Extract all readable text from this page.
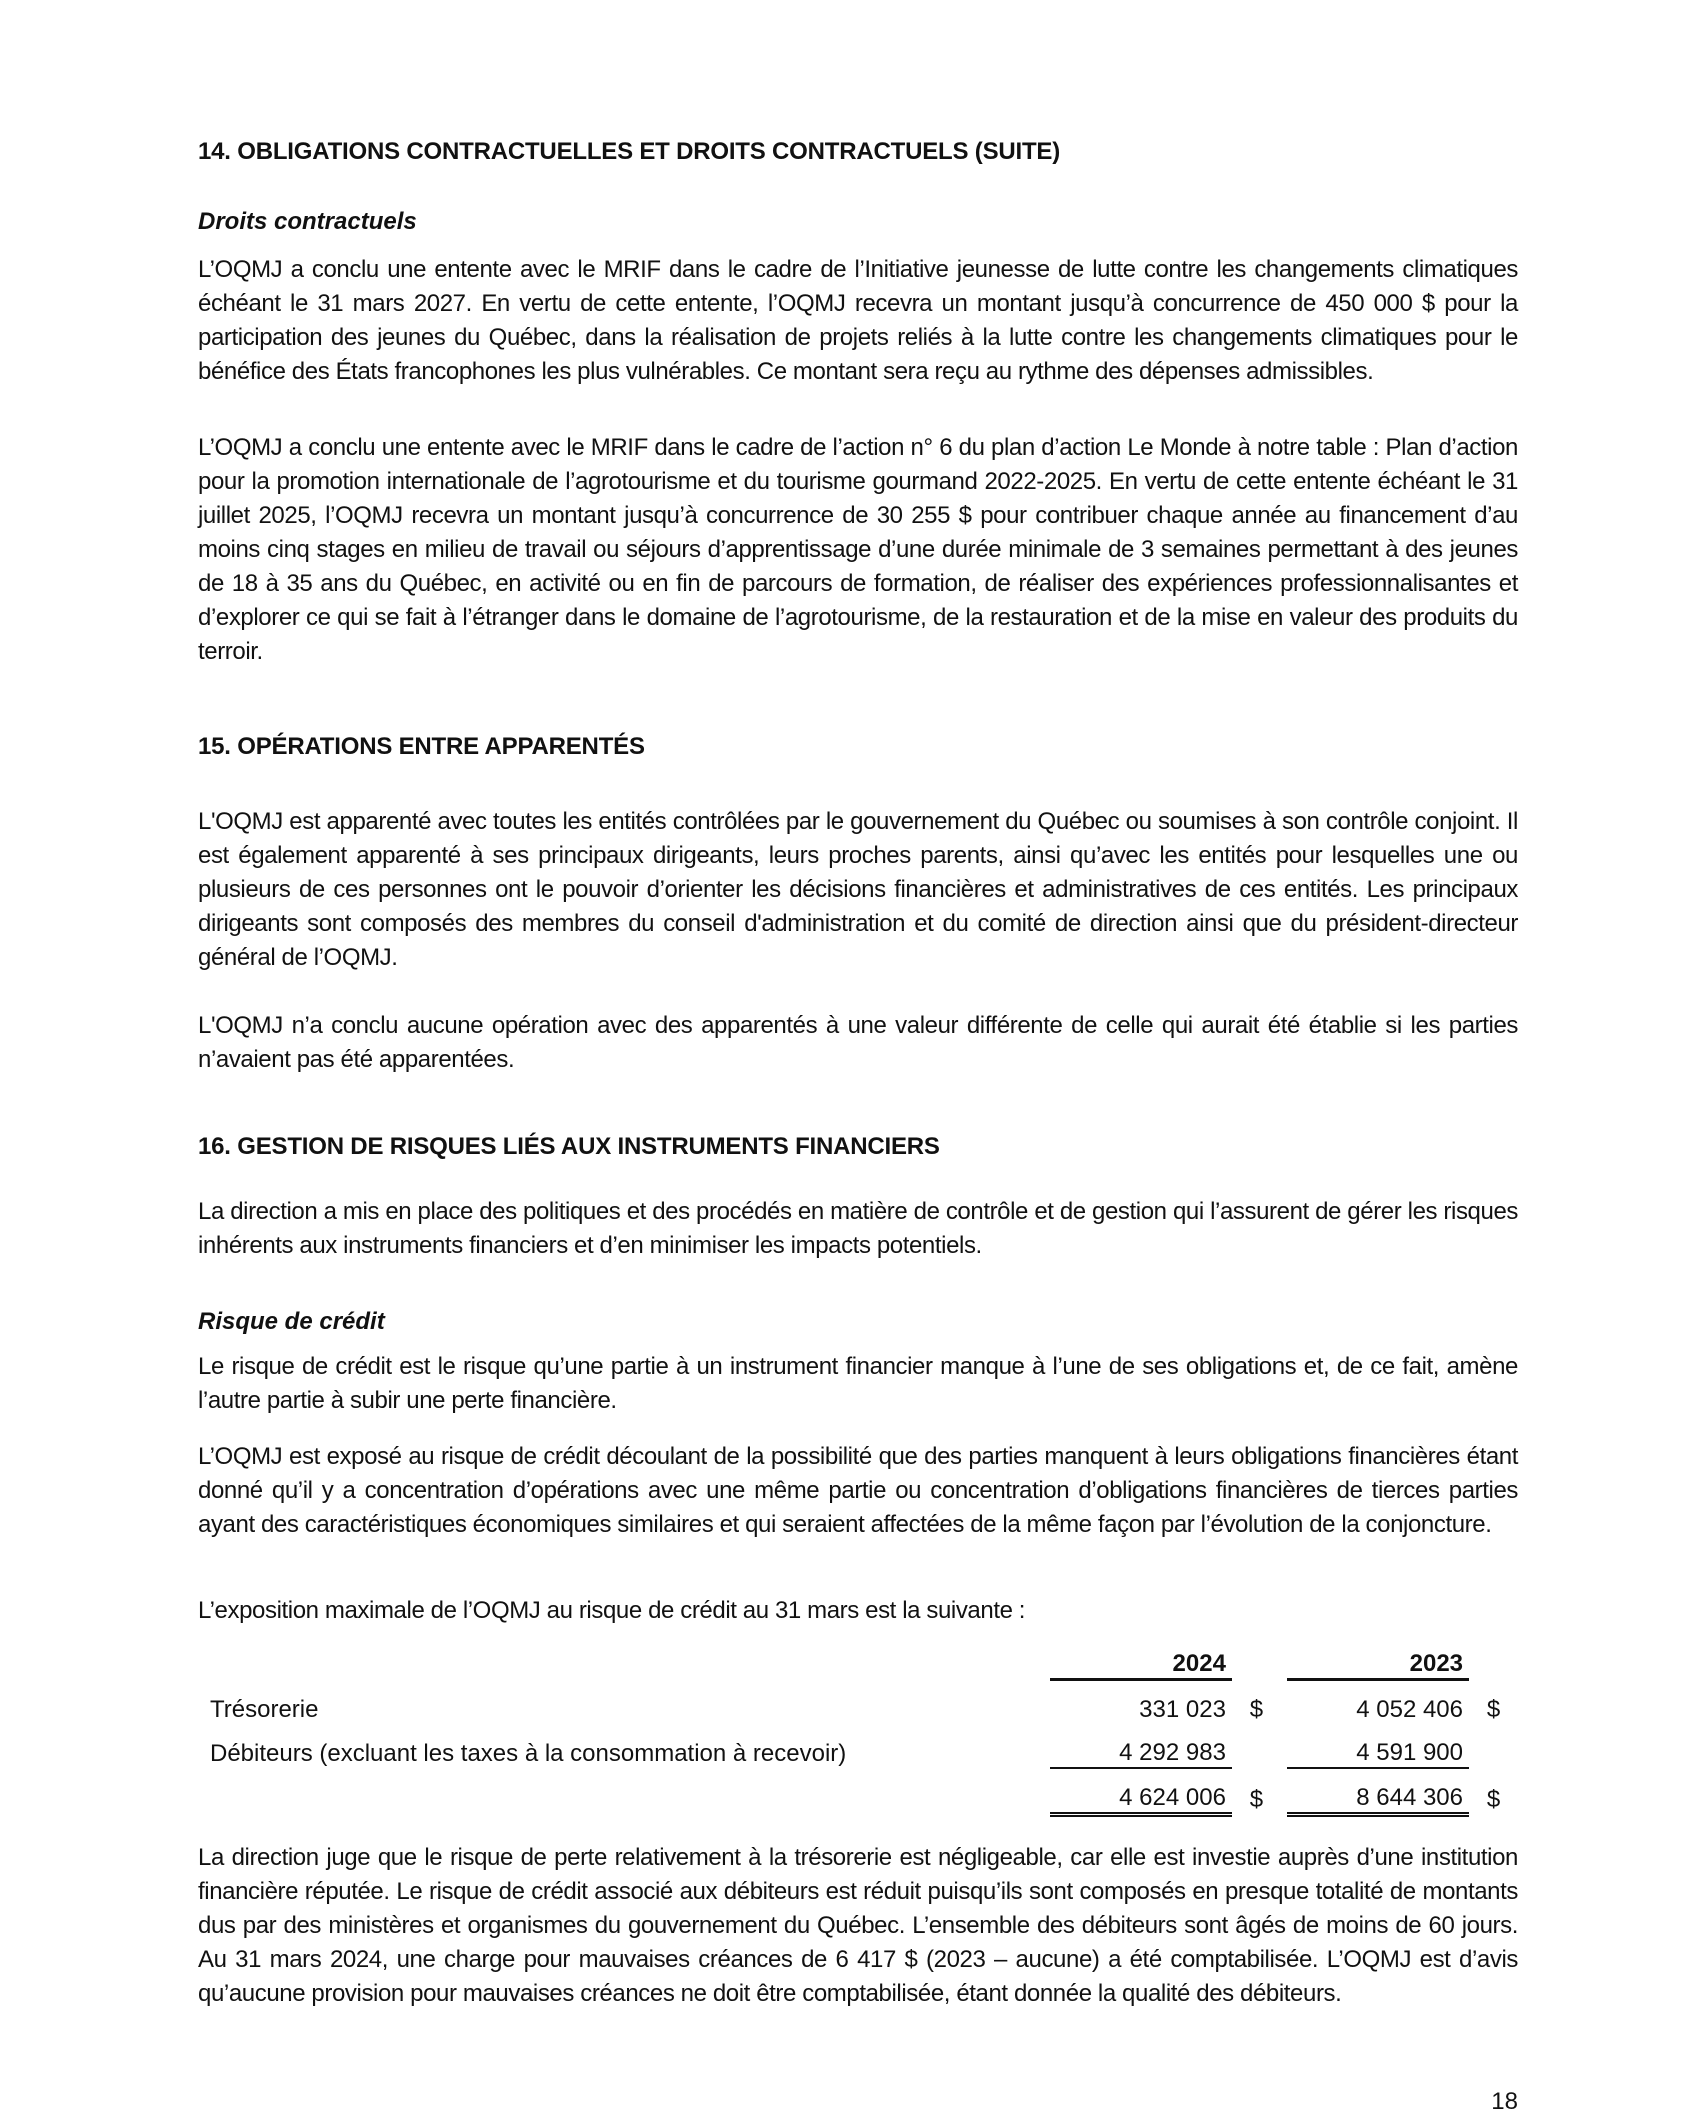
14. OBLIGATIONS CONTRACTUELLES ET DROITS CONTRACTUELS (SUITE)
Droits contractuels

L’OQMJ a conclu une entente avec le MRIF dans le cadre de l’Initiative jeunesse de lutte contre les changements climatiques échéant le 31 mars 2027. En vertu de cette entente, l’OQMJ recevra un montant jusqu’à concurrence de 450 000 $ pour la participation des jeunes du Québec, dans la réalisation de projets reliés à la lutte contre les changements climatiques pour le bénéfice des États francophones les plus vulnérables. Ce montant sera reçu au rythme des dépenses admissibles.

L’OQMJ a conclu une entente avec le MRIF dans le cadre de l’action n° 6 du plan d’action Le Monde à notre table : Plan d’action pour la promotion internationale de l’agrotourisme et du tourisme gourmand 2022-2025. En vertu de cette entente échéant le 31 juillet 2025, l’OQMJ recevra un montant jusqu’à concurrence de 30 255 $ pour contribuer chaque année au financement d’au moins cinq stages en milieu de travail ou séjours d’apprentissage d’une durée minimale de 3 semaines permettant à des jeunes de 18 à 35 ans du Québec, en activité ou en fin de parcours de formation, de réaliser des expériences professionnalisantes et d’explorer ce qui se fait à l’étranger dans le domaine de l’agrotourisme, de la restauration et de la mise en valeur des produits du terroir.

15. OPÉRATIONS ENTRE APPARENTÉS

L'OQMJ est apparenté avec toutes les entités contrôlées par le gouvernement du Québec ou soumises à son contrôle conjoint. Il est également apparenté à ses principaux dirigeants, leurs proches parents, ainsi qu’avec les entités pour lesquelles une ou plusieurs de ces personnes ont le pouvoir d’orienter les décisions financières et administratives de ces entités. Les principaux dirigeants sont composés des membres du conseil d'administration et du comité de direction ainsi que du président-directeur général de l’OQMJ.

L'OQMJ n’a conclu aucune opération avec des apparentés à une valeur différente de celle qui aurait été établie si les parties n’avaient pas été apparentées.

16. GESTION DE RISQUES LIÉS AUX INSTRUMENTS FINANCIERS

La direction a mis en place des politiques et des procédés en matière de contrôle et de gestion qui l’assurent de gérer les risques inhérents aux instruments financiers et d’en minimiser les impacts potentiels.

Risque de crédit

Le risque de crédit est le risque qu’une partie à un instrument financier manque à l’une de ses obligations et, de ce fait, amène l’autre partie à subir une perte financière.

L’OQMJ est exposé au risque de crédit découlant de la possibilité que des parties manquent à leurs obligations financières étant donné qu’il y a concentration d’opérations avec une même partie ou concentration d’obligations financières de tierces parties ayant des caractéristiques économiques similaires et qui seraient affectées de la même façon par l’évolution de la conjoncture.

L’exposition maximale de l’OQMJ au risque de crédit au 31 mars est la suivante :

	2024			2023	
Trésorerie	331 023	$		4 052 406	$
Débiteurs (excluant les taxes à la consommation à recevoir)	4 292 983			4 591 900	
	4 624 006	$		8 644 306	$

La direction juge que le risque de perte relativement à la trésorerie est négligeable, car elle est investie auprès d’une institution financière réputée. Le risque de crédit associé aux débiteurs est réduit puisqu’ils sont composés en presque totalité de montants dus par des ministères et organismes du gouvernement du Québec. L’ensemble des débiteurs sont âgés de moins de 60 jours. Au 31 mars 2024, une charge pour mauvaises créances de 6 417 $ (2023 – aucune) a été comptabilisée. L’OQMJ est d’avis qu’aucune provision pour mauvaises créances ne doit être comptabilisée, étant donnée la qualité des débiteurs.

18
